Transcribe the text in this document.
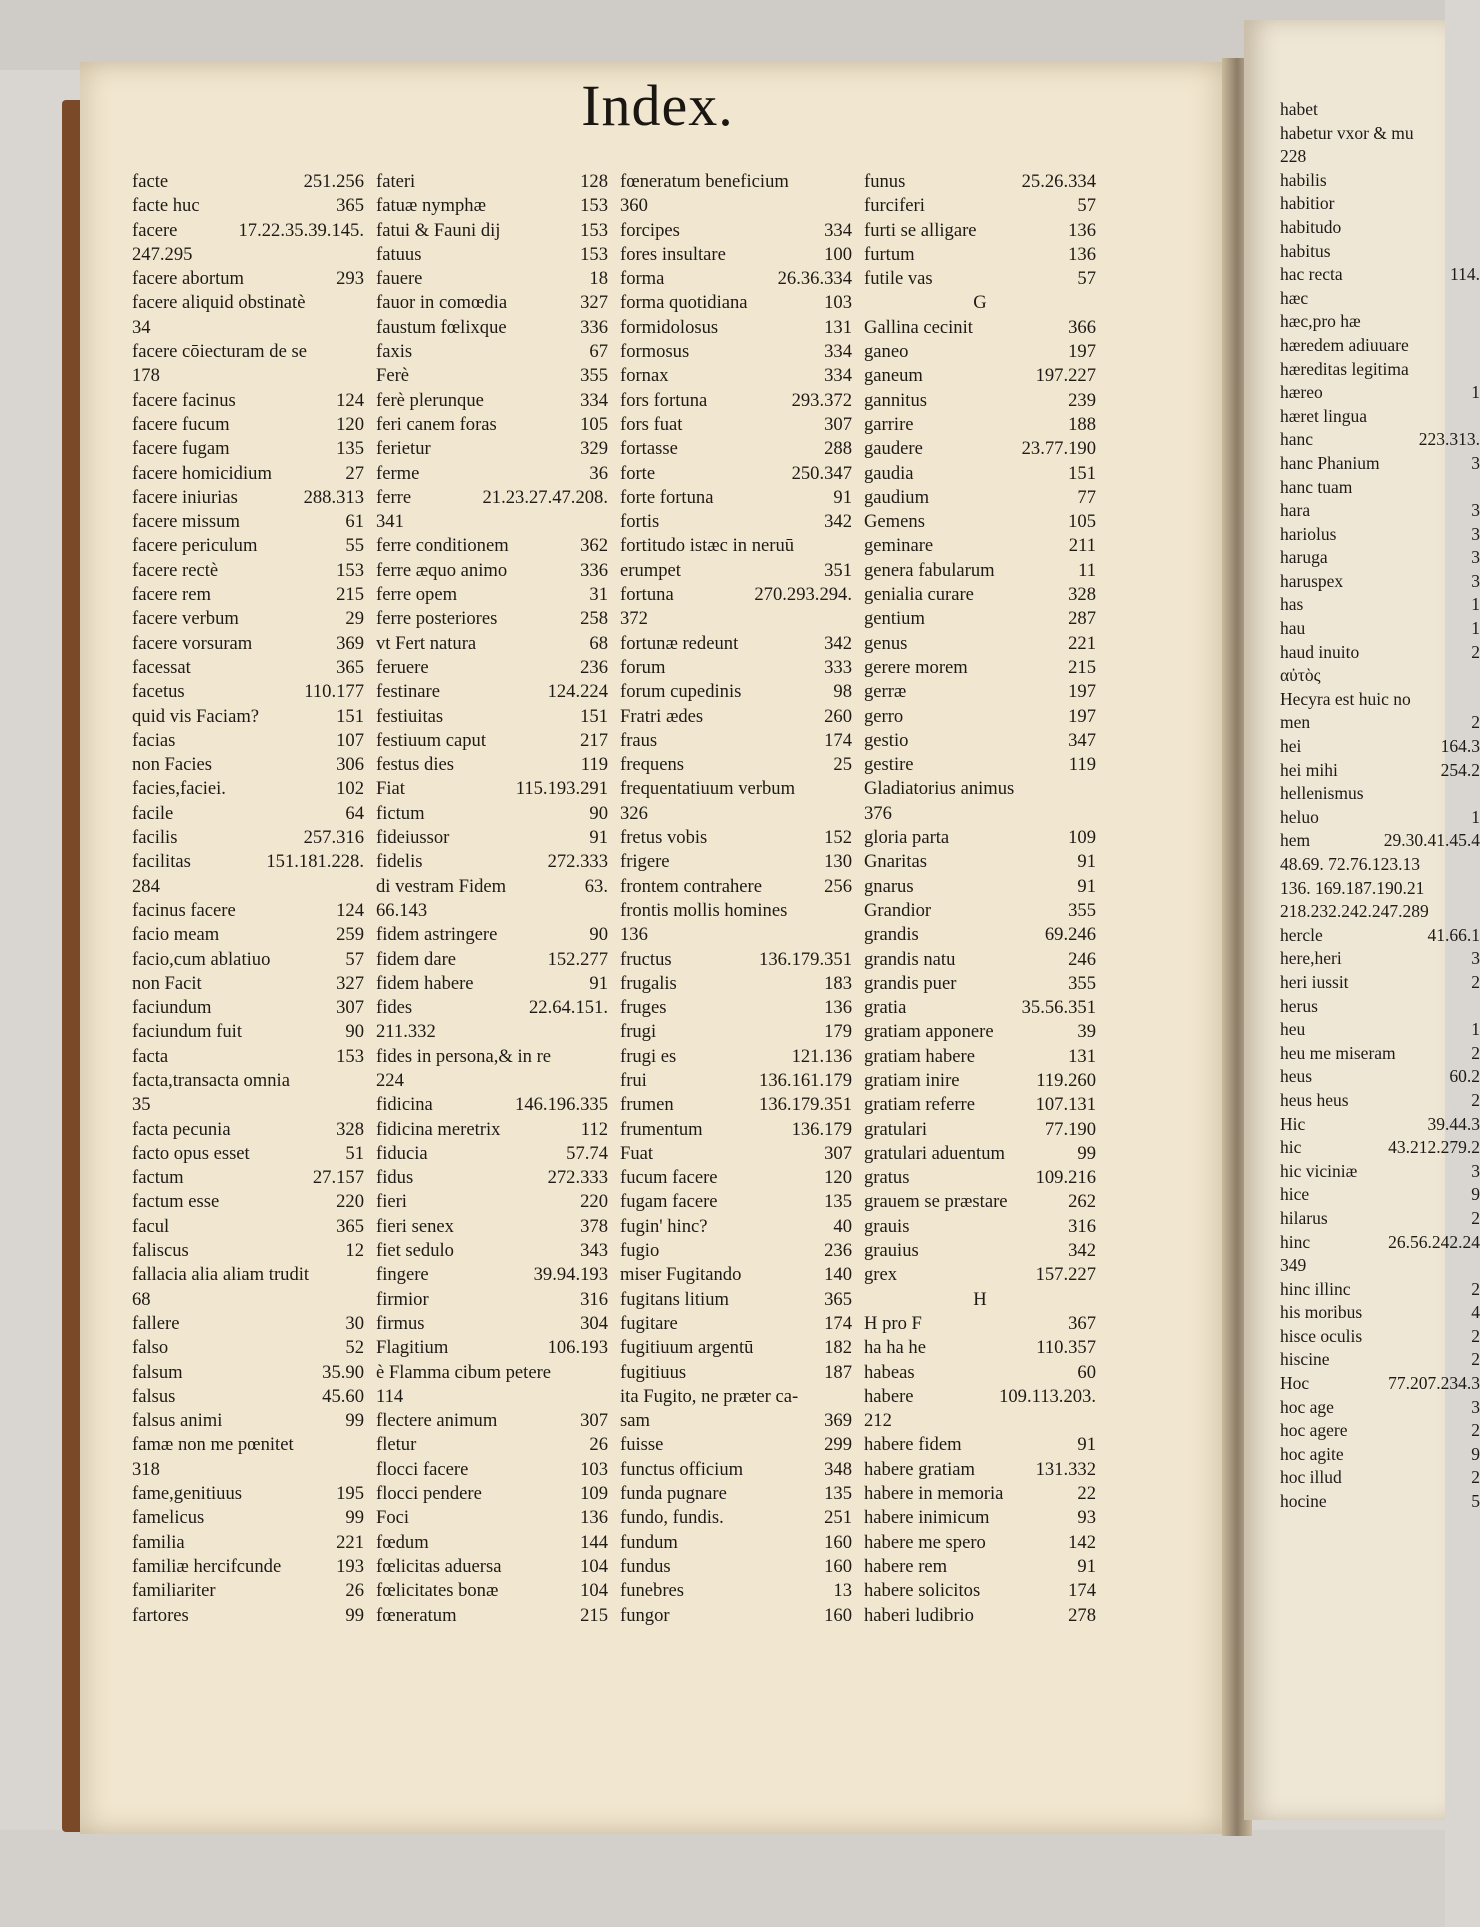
Index.
facte	251.256
facte huc	365
facere	17.22.35.39.145.
247.295
facere abortum	293
facere aliquid obstinatè
34
facere cōiecturam de se
178
facere facinus	124
facere fucum	120
facere fugam	135
facere homicidium	27
facere iniurias	288.313
facere missum	61
facere periculum	55
facere rectè	153
facere rem	215
facere verbum	29
facere vorsuram	369
facessat	365
facetus	110.177
quid vis Faciam?	151
facias	107
non Facies	306
facies,faciei.	102
facile	64
facilis	257.316
facilitas	151.181.228.
284
facinus facere	124
facio meam	259
facio,cum ablatiuo	57
non Facit	327
faciundum	307
faciundum fuit	90
facta	153
facta,transacta omnia
35
facta pecunia	328
facto opus esset	51
factum	27.157
factum esse	220
facul	365
faliscus	12
fallacia alia aliam trudit
68
fallere	30
falso	52
falsum	35.90
falsus	45.60
falsus animi	99
famæ non me pœnitet
318
fame,genitiuus	195
famelicus	99
familia	221
familiæ hercifcunde	193
familiariter	26
fartores	99
fateri	128
fatuæ nymphæ	153
fatui & Fauni dij	153
fatuus	153
fauere	18
fauor in comœdia	327
faustum fœlixque	336
faxis	67
Ferè	355
ferè plerunque	334
feri canem foras	105
ferietur	329
ferme	36
ferre	21.23.27.47.208.
341
ferre conditionem	362
ferre æquo animo	336
ferre opem	31
ferre posteriores	258
vt Fert natura	68
feruere	236
festinare	124.224
festiuitas	151
festiuum caput	217
festus dies	119
Fiat	115.193.291
fictum	90
fideiussor	91
fidelis	272.333
di vestram Fidem	63.
66.143
fidem astringere	90
fidem dare	152.277
fidem habere	91
fides	22.64.151.
211.332
fides in persona,& in re
224
fidicina	146.196.335
fidicina meretrix	112
fiducia	57.74
fidus	272.333
fieri	220
fieri senex	378
fiet sedulo	343
fingere	39.94.193
firmior	316
firmus	304
Flagitium	106.193
è Flamma cibum petere
114
flectere animum	307
fletur	26
flocci facere	103
flocci pendere	109
Foci	136
fœdum	144
fœlicitas aduersa	104
fœlicitates bonæ	104
fœneratum	215
fœneratum beneficium
360
forcipes	334
fores insultare	100
forma	26.36.334
forma quotidiana	103
formidolosus	131
formosus	334
fornax	334
fors fortuna	293.372
fors fuat	307
fortasse	288
forte	250.347
forte fortuna	91
fortis	342
fortitudo istæc in neruū
erumpet	351
fortuna	270.293.294.
372
fortunæ redeunt	342
forum	333
forum cupedinis	98
Fratri ædes	260
fraus	174
frequens	25
frequentatiuum verbum
326
fretus vobis	152
frigere	130
frontem contrahere	256
frontis mollis homines
136
fructus	136.179.351
frugalis	183
fruges	136
frugi	179
frugi es	121.136
frui	136.161.179
frumen	136.179.351
frumentum	136.179
Fuat	307
fucum facere	120
fugam facere	135
fugin' hinc?	40
fugio	236
miser Fugitando	140
fugitans litium	365
fugitare	174
fugitiuum argentū	182
fugitiuus	187
ita Fugito, ne præter ca-
sam	369
fuisse	299
functus officium	348
funda pugnare	135
fundo, fundis.	251
fundum	160
fundus	160
funebres	13
fungor	160
funus	25.26.334
furciferi	57
furti se alligare	136
furtum	136
futile vas	57
G
Gallina cecinit	366
ganeo	197
ganeum	197.227
gannitus	239
garrire	188
gaudere	23.77.190
gaudia	151
gaudium	77
Gemens	105
geminare	211
genera fabularum	11
genialia curare	328
gentium	287
genus	221
gerere morem	215
gerræ	197
gerro	197
gestio	347
gestire	119
Gladiatorius animus
376
gloria parta	109
Gnaritas	91
gnarus	91
Grandior	355
grandis	69.246
grandis natu	246
grandis puer	355
gratia	35.56.351
gratiam apponere	39
gratiam habere	131
gratiam inire	119.260
gratiam referre	107.131
gratulari	77.190
gratulari aduentum	99
gratus	109.216
grauem se præstare	262
grauis	316
grauius	342
grex	157.227
H
H pro F	367
ha ha he	110.357
habeas	60
habere	109.113.203.
212
habere fidem	91
habere gratiam	131.332
habere in memoria	22
habere inimicum	93
habere me spero	142
habere rem	91
habere solicitos	174
haberi ludibrio	278
habet
habetur vxor & mu
228
habilis
habitior
habitudo
habitus
hac recta	114.
hæc
hæc,pro hæ
hæredem adiuuare
hæreditas legitima
hæreo	1
hæret lingua
hanc	223.313.
hanc Phanium	3
hanc tuam
hara	3
hariolus	3
haruga	3
haruspex	3
has	1
hau	1
haud inuito	2
αὐτὸς
Hecyra est huic no
men	2
hei	164.3
hei mihi	254.2
hellenismus
heluo	1
hem	29.30.41.45.4
48.69. 72.76.123.13
136. 169.187.190.21
218.232.242.247.289
hercle	41.66.1
here,heri	3
heri iussit	2
herus
heu	1
heu me miseram	2
heus	60.2
heus heus	2
Hic	39.44.3
hic	43.212.279.2
hic viciniæ	3
hice	9
hilarus	2
hinc	26.56.242.24
349
hinc illinc	2
his moribus	4
hisce oculis	2
hiscine	2
Hoc	77.207.234.3
hoc age	3
hoc agere	2
hoc agite	9
hoc illud	2
hocine	5
